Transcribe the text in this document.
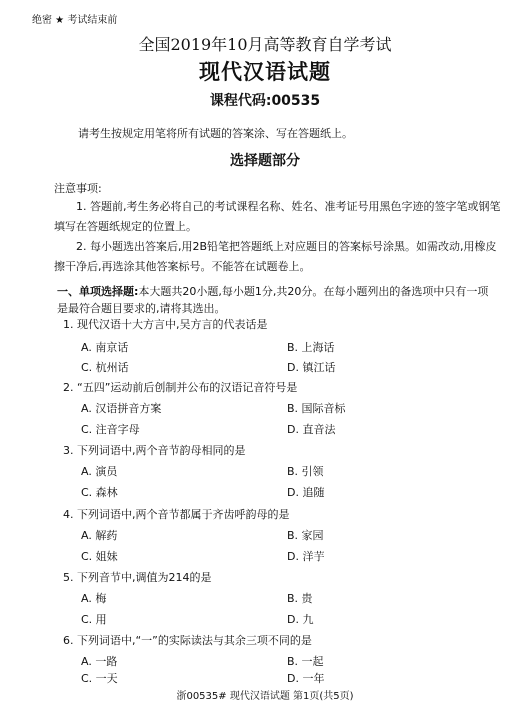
绝密 ★ 考试结束前
全国2019年10月高等教育自学考试
现代汉语试题
课程代码:00535
请考生按规定用笔将所有试题的答案涂、写在答题纸上。
选择题部分
注意事项:
1. 答题前,考生务必将自己的考试课程名称、姓名、准考证号用黑色字迹的签字笔或钢笔填写在答题纸规定的位置上。
2. 每小题选出答案后,用2B铅笔把答题纸上对应题目的答案标号涂黑。如需改动,用橡皮擦干净后,再选涂其他答案标号。不能答在试题卷上。
一、单项选择题:本大题共20小题,每小题1分,共20分。在每小题列出的备选项中只有一项是最符合题目要求的,请将其选出。
1. 现代汉语十大方言中,吴方言的代表话是
A. 南京话	B. 上海话
C. 杭州话	D. 镇江话
2. “五四”运动前后创制并公布的汉语记音符号是
A. 汉语拼音方案	B. 国际音标
C. 注音字母	D. 直音法
3. 下列词语中,两个音节韵母相同的是
A. 演员	B. 引领
C. 森林	D. 追随
4. 下列词语中,两个音节都属于齐齿呼韵母的是
A. 解药	B. 家园
C. 姐妹	D. 洋芋
5. 下列音节中,调值为214的是
A. 梅	B. 贵
C. 用	D. 九
6. 下列词语中,“一”的实际读法与其余三项不同的是
A. 一路	B. 一起
C. 一天	D. 一年
浙00535# 现代汉语试题 第1页(共5页)
